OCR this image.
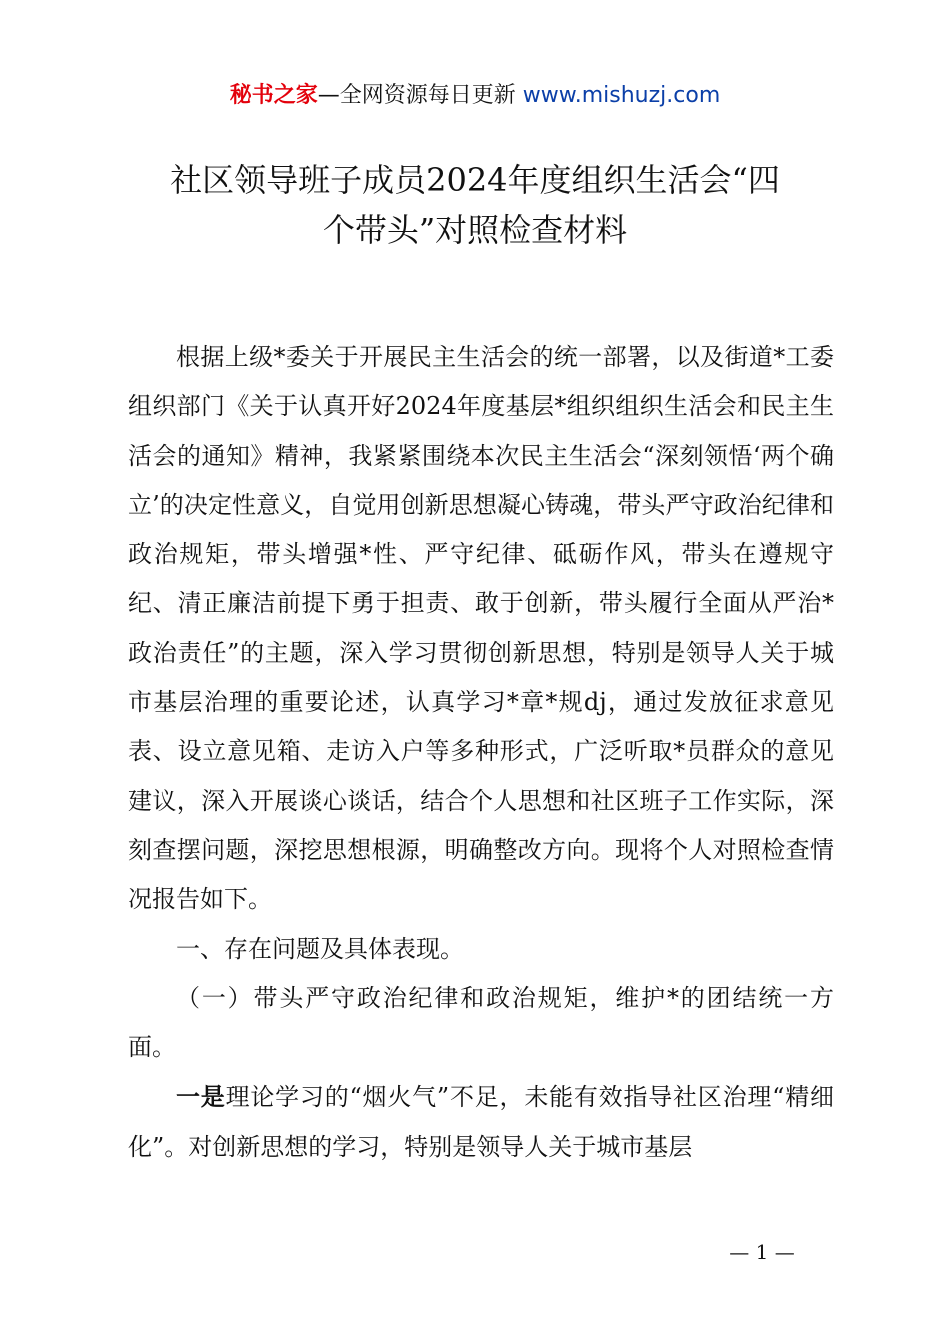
秘书之家—全网资源每日更新 www.mishuzj.com
社区领导班子成员2024年度组织生活会“四
个带头”对照检查材料

根据上级*委关于开展民主生活会的统一部署，以及街道*工委组织部门《关于认真开好2024年度基层*组织组织生活会和民主生活会的通知》精神，我紧紧围绕本次民主生活会“深刻领悟‘两个确立’的决定性意义，自觉用创新思想凝心铸魂，带头严守政治纪律和政治规矩，带头增强*性、严守纪律、砥砺作风，带头在遵规守纪、清正廉洁前提下勇于担责、敢于创新，带头履行全面从严治*政治责任”的主题，深入学习贯彻创新思想，特别是领导人关于城市基层治理的重要论述，认真学习*章*规dj，通过发放征求意见表、设立意见箱、走访入户等多种形式，广泛听取*员群众的意见建议，深入开展谈心谈话，结合个人思想和社区班子工作实际，深刻查摆问题，深挖思想根源，明确整改方向。现将个人对照检查情况报告如下。

一、存在问题及具体表现。

（一）带头严守政治纪律和政治规矩，维护*的团结统一方面。

一是理论学习的“烟火气”不足，未能有效指导社区治理“精细化”。对创新思想的学习，特别是领导人关于城市基层

— 1 —
